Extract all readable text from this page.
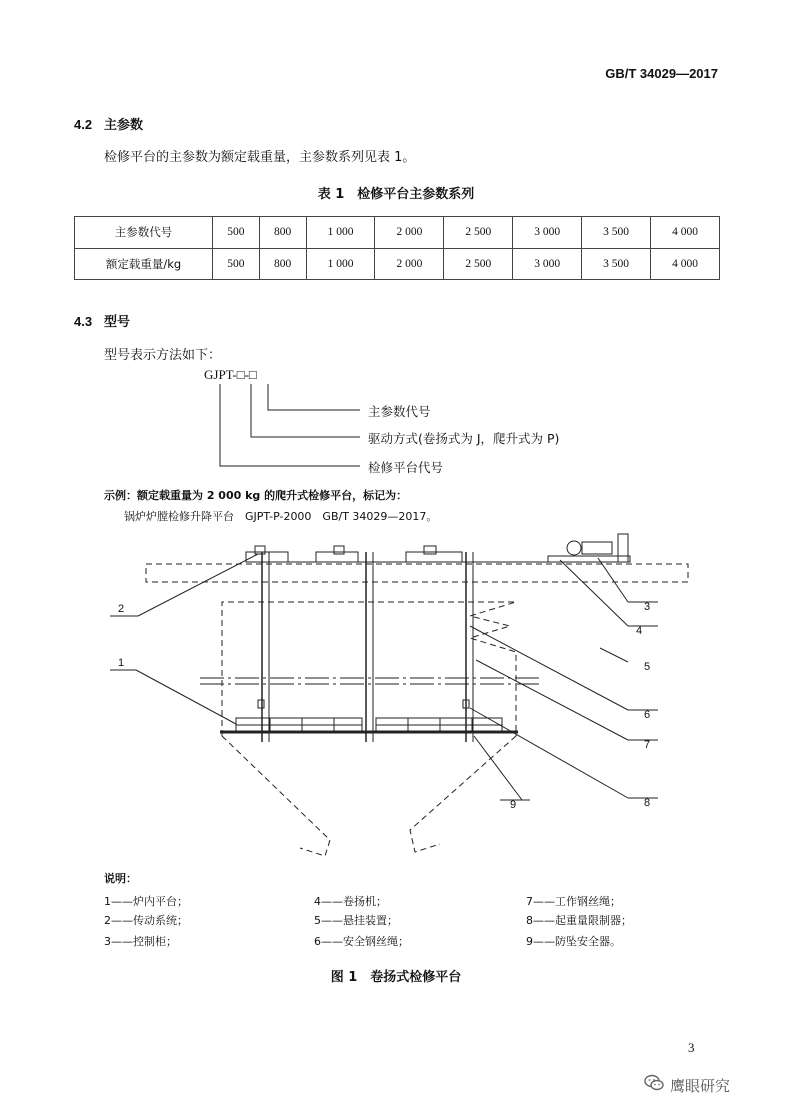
GB/T 34029—2017
4.2 主参数
检修平台的主参数为额定载重量，主参数系列见表 1。
表 1　检修平台主参数系列
主参数代号	500	800	1 000	2 000	2 500	3 000	3 500	4 000
额定载重量/kg	500	800	1 000	2 000	2 500	3 000	3 500	4 000
4.3 型号
型号表示方法如下：
GJPT-□-□
主参数代号
驱动方式(卷扬式为 J，爬升式为 P)
检修平台代号
示例：额定载重量为 2 000 kg 的爬升式检修平台，标记为：
锅炉炉膛检修升降平台　GJPT-P-2000　GB/T 34029—2017。
2
1
3
4
5
6
7
8
9
说明：
1——炉内平台；	4——卷扬机；	7——工作钢丝绳；
2——传动系统；	5——悬挂装置；	8——起重量限制器；
3——控制柜；	6——安全钢丝绳；	9——防坠安全器。
图 1　卷扬式检修平台
3
鹰眼研究
